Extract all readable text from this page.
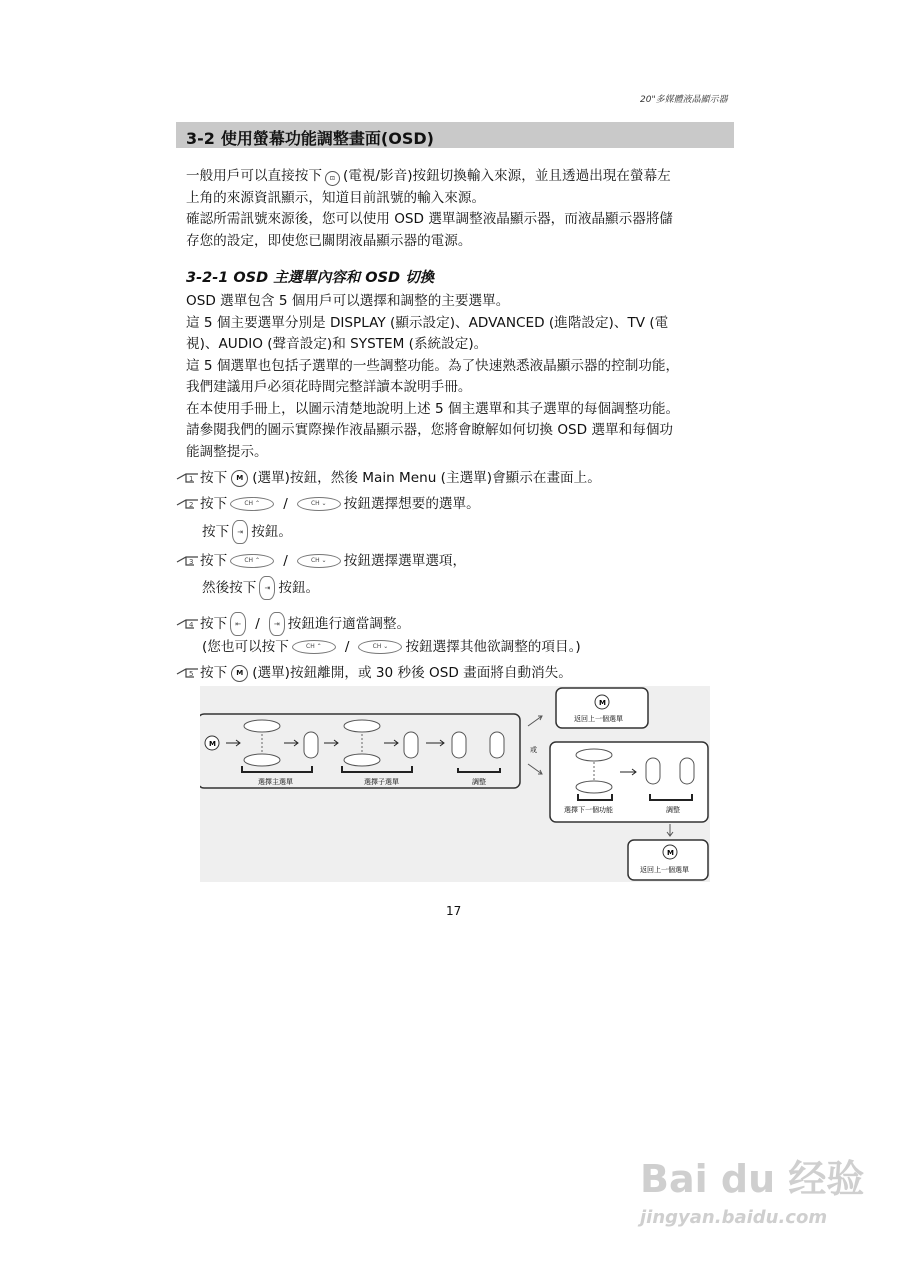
20"多媒體液晶顯示器
3-2 使用螢幕功能調整畫面(OSD)

一般用戶可以直接按下 ⊡ (電視/影音)按鈕切換輸入來源，並且透過出現在螢幕左

上角的來源資訊顯示，知道目前訊號的輸入來源。

確認所需訊號來源後，您可以使用 OSD 選單調整液晶顯示器，而液晶顯示器將儲

存您的設定，即使您已關閉液晶顯示器的電源。

3-2-1 OSD 主選單內容和 OSD 切換

OSD 選單包含 5 個用戶可以選擇和調整的主要選單。

這 5 個主要選單分別是 DISPLAY (顯示設定)、ADVANCED (進階設定)、TV (電

視)、AUDIO (聲音設定)和 SYSTEM (系統設定)。

這 5 個選單也包括子選單的一些調整功能。為了快速熟悉液晶顯示器的控制功能，

我們建議用戶必須花時間完整詳讀本說明手冊。

在本使用手冊上，以圖示清楚地說明上述 5 個主選單和其子選單的每個調整功能。

請參閱我們的圖示實際操作液晶顯示器，您將會瞭解如何切換 OSD 選單和每個功

能調整提示。

1 按下	M (選單)按鈕，然後 Main Menu (主選單)會顯示在畫面上。
2 按下	CH ⌃	/	CH ⌄	按鈕選擇想要的選單。
按下	⇥ 按鈕。
3 按下	CH ⌃	/	CH ⌄	按鈕選擇選單選項，
然後按下	⇥ 按鈕。
4 按下	⇤	/	⇥ 按鈕進行適當調整。
(您也可以按下	CH ⌃	/	CH ⌄	按鈕選擇其他欲調整的項目。)
5 按下	M (選單)按鈕離開，或 30 秒後 OSD 畫面將自動消失。
M
選擇主選單	選擇子選單	調整
或
M
返回上一個選單
選擇下一個功能	調整
M
返回上一個選單
17
Bai du 经验
jingyan.baidu.com
